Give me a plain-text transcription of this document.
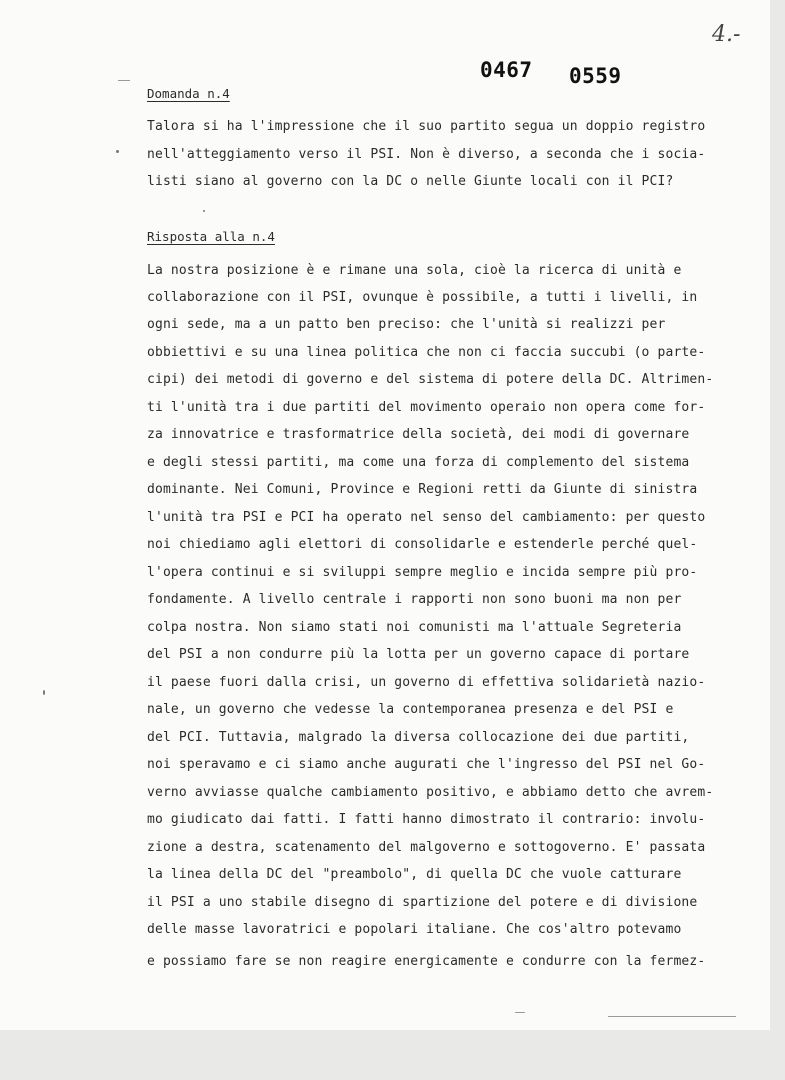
4.-
0467 0559
Domanda n.4
Talora si ha l'impressione che il suo partito segua un doppio registro
nell'atteggiamento verso il PSI. Non è diverso, a seconda che i socia-
listi siano al governo con la DC o nelle Giunte locali con il PCI?
Risposta alla n.4
La nostra posizione è e rimane una sola, cioè la ricerca di unità e
collaborazione con il PSI, ovunque è possibile, a tutti i livelli, in
ogni sede, ma a un patto ben preciso: che l'unità si realizzi per
obbiettivi e su una linea politica che non ci faccia succubi (o parte-
cipi) dei metodi di governo e del sistema di potere della DC. Altrimen-
ti l'unità tra i due partiti del movimento operaio non opera come for-
za innovatrice e trasformatrice della società, dei modi di governare
e degli stessi partiti, ma come una forza di complemento del sistema
dominante. Nei Comuni, Province e Regioni retti da Giunte di sinistra
l'unità tra PSI e PCI ha operato nel senso del cambiamento: per questo
noi chiediamo agli elettori di consolidarle e estenderle perché quel-
l'opera continui e si sviluppi sempre meglio e incida sempre più pro-
fondamente. A livello centrale i rapporti non sono buoni ma non per
colpa nostra. Non siamo stati noi comunisti ma l'attuale Segreteria
del PSI a non condurre più la lotta per un governo capace di portare
il paese fuori dalla crisi, un governo di effettiva solidarietà nazio-
nale, un governo che vedesse la contemporanea presenza e del PSI e
del PCI. Tuttavia, malgrado la diversa collocazione dei due partiti,
noi speravamo e ci siamo anche augurati che l'ingresso del PSI nel Go-
verno avviasse qualche cambiamento positivo, e abbiamo detto che avrem-
mo giudicato dai fatti. I fatti hanno dimostrato il contrario: involu-
zione a destra, scatenamento del malgoverno e sottogoverno. E' passata
la linea della DC del "preambolo", di quella DC che vuole catturare
il PSI a uno stabile disegno di spartizione del potere e di divisione
delle masse lavoratrici e popolari italiane. Che cos'altro potevamo
e possiamo fare se non reagire energicamente e condurre con la fermez-
